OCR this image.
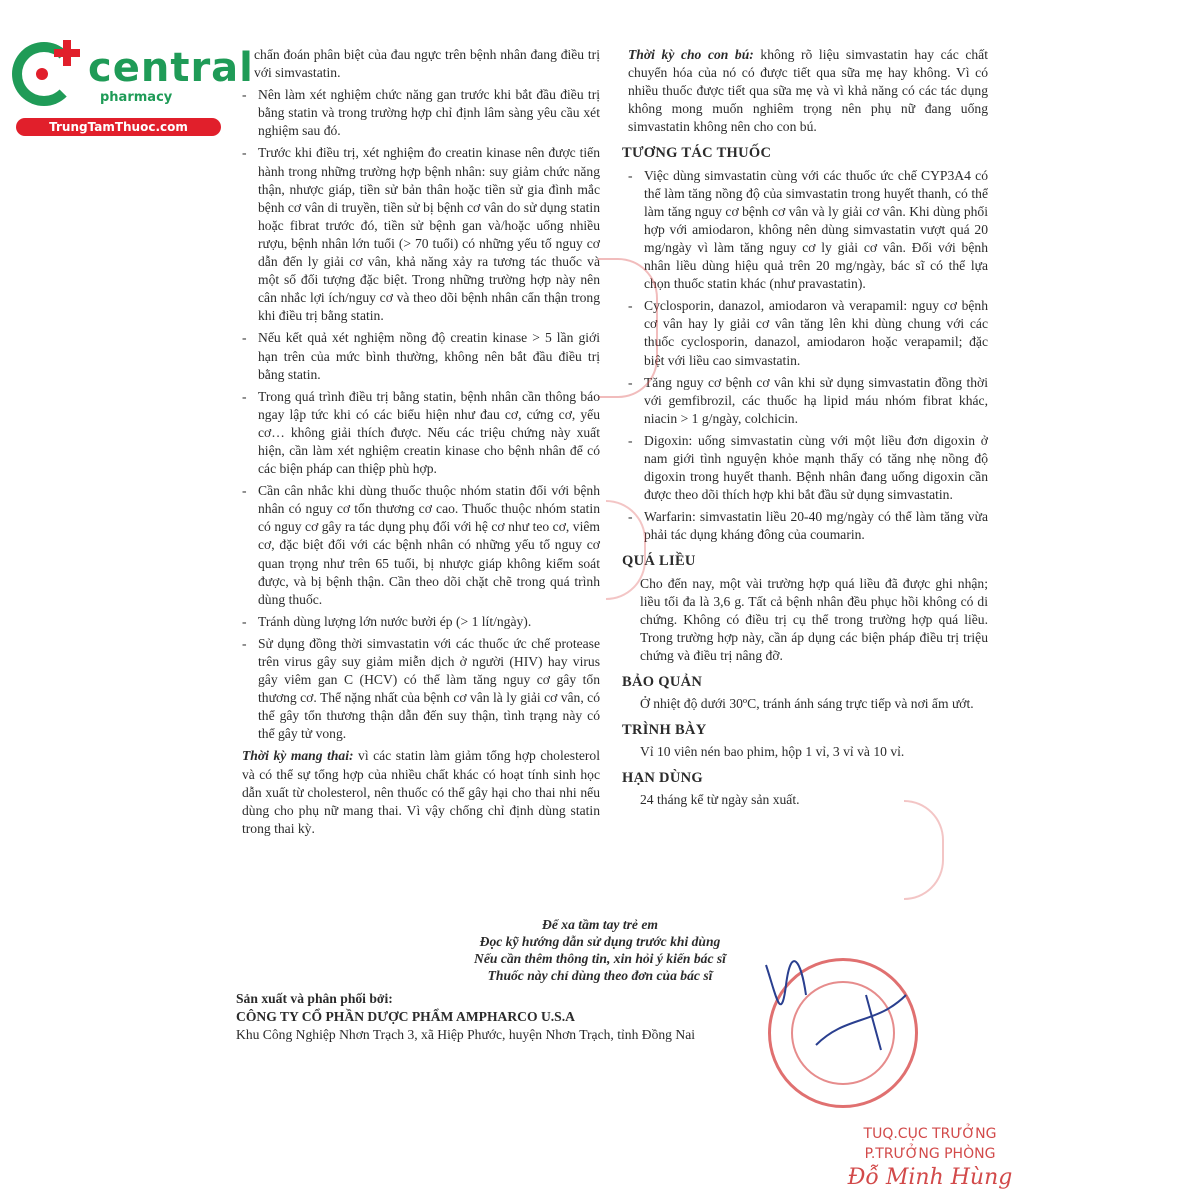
central
pharmacy
TrungTamThuoc.com
chẩn đoán phân biệt của đau ngực trên bệnh nhân đang điều trị với simvastatin.
- Nên làm xét nghiệm chức năng gan trước khi bắt đầu điều trị bằng statin và trong trường hợp chỉ định lâm sàng yêu cầu xét nghiệm sau đó.
- Trước khi điều trị, xét nghiệm đo creatin kinase nên được tiến hành trong những trường hợp bệnh nhân: suy giảm chức năng thận, nhược giáp, tiền sử bản thân hoặc tiền sử gia đình mắc bệnh cơ vân di truyền, tiền sử bị bệnh cơ vân do sử dụng statin hoặc fibrat trước đó, tiền sử bệnh gan và/hoặc uống nhiều rượu, bệnh nhân lớn tuổi (> 70 tuổi) có những yếu tố nguy cơ dẫn đến ly giải cơ vân, khả năng xảy ra tương tác thuốc và một số đối tượng đặc biệt. Trong những trường hợp này nên cân nhắc lợi ích/nguy cơ và theo dõi bệnh nhân cẩn thận trong khi điều trị bằng statin.
- Nếu kết quả xét nghiệm nồng độ creatin kinase > 5 lần giới hạn trên của mức bình thường, không nên bắt đầu điều trị bằng statin.
- Trong quá trình điều trị bằng statin, bệnh nhân cần thông báo ngay lập tức khi có các biểu hiện như đau cơ, cứng cơ, yếu cơ… không giải thích được. Nếu các triệu chứng này xuất hiện, cần làm xét nghiệm creatin kinase cho bệnh nhân để có các biện pháp can thiệp phù hợp.
- Cần cân nhắc khi dùng thuốc thuộc nhóm statin đối với bệnh nhân có nguy cơ tổn thương cơ cao. Thuốc thuộc nhóm statin có nguy cơ gây ra tác dụng phụ đối với hệ cơ như teo cơ, viêm cơ, đặc biệt đối với các bệnh nhân có những yếu tố nguy cơ quan trọng như trên 65 tuổi, bị nhược giáp không kiểm soát được, và bị bệnh thận. Cần theo dõi chặt chẽ trong quá trình dùng thuốc.
- Tránh dùng lượng lớn nước bưởi ép (> 1 lít/ngày).
- Sử dụng đồng thời simvastatin với các thuốc ức chế protease trên virus gây suy giảm miễn dịch ở người (HIV) hay virus gây viêm gan C (HCV) có thể làm tăng nguy cơ gây tổn thương cơ. Thể nặng nhất của bệnh cơ vân là ly giải cơ vân, có thể gây tổn thương thận dẫn đến suy thận, tình trạng này có thể gây tử vong.
Thời kỳ mang thai: vì các statin làm giảm tổng hợp cholesterol và có thể sự tổng hợp của nhiều chất khác có hoạt tính sinh học dẫn xuất từ cholesterol, nên thuốc có thể gây hại cho thai nhi nếu dùng cho phụ nữ mang thai. Vì vậy chống chỉ định dùng statin trong thai kỳ.
Thời kỳ cho con bú: không rõ liệu simvastatin hay các chất chuyển hóa của nó có được tiết qua sữa mẹ hay không. Vì có nhiều thuốc được tiết qua sữa mẹ và vì khả năng có các tác dụng không mong muốn nghiêm trọng nên phụ nữ đang uống simvastatin không nên cho con bú.
TƯƠNG TÁC THUỐC
- Việc dùng simvastatin cùng với các thuốc ức chế CYP3A4 có thể làm tăng nồng độ của simvastatin trong huyết thanh, có thể làm tăng nguy cơ bệnh cơ vân và ly giải cơ vân. Khi dùng phối hợp với amiodaron, không nên dùng simvastatin vượt quá 20 mg/ngày vì làm tăng nguy cơ ly giải cơ vân. Đối với bệnh nhân liều dùng hiệu quả trên 20 mg/ngày, bác sĩ có thể lựa chọn thuốc statin khác (như pravastatin).
- Cyclosporin, danazol, amiodaron và verapamil: nguy cơ bệnh cơ vân hay ly giải cơ vân tăng lên khi dùng chung với các thuốc cyclosporin, danazol, amiodaron hoặc verapamil; đặc biệt với liều cao simvastatin.
- Tăng nguy cơ bệnh cơ vân khi sử dụng simvastatin đồng thời với gemfibrozil, các thuốc hạ lipid máu nhóm fibrat khác, niacin > 1 g/ngày, colchicin.
- Digoxin: uống simvastatin cùng với một liều đơn digoxin ở nam giới tình nguyện khỏe mạnh thấy có tăng nhẹ nồng độ digoxin trong huyết thanh. Bệnh nhân đang uống digoxin cần được theo dõi thích hợp khi bắt đầu sử dụng simvastatin.
- Warfarin: simvastatin liều 20-40 mg/ngày có thể làm tăng vừa phải tác dụng kháng đông của coumarin.
QUÁ LIỀU
Cho đến nay, một vài trường hợp quá liều đã được ghi nhận; liều tối đa là 3,6 g. Tất cả bệnh nhân đều phục hồi không có di chứng. Không có điều trị cụ thể trong trường hợp quá liều. Trong trường hợp này, cần áp dụng các biện pháp điều trị triệu chứng và điều trị nâng đỡ.
BẢO QUẢN
Ở nhiệt độ dưới 30ºC, tránh ánh sáng trực tiếp và nơi ẩm ướt.
TRÌNH BÀY
Vỉ 10 viên nén bao phim, hộp 1 vỉ, 3 vỉ và 10 vỉ.
HẠN DÙNG
24 tháng kể từ ngày sản xuất.
Để xa tầm tay trẻ em
Đọc kỹ hướng dẫn sử dụng trước khi dùng
Nếu cần thêm thông tin, xin hỏi ý kiến bác sĩ
Thuốc này chỉ dùng theo đơn của bác sĩ
Sản xuất và phân phối bởi:
CÔNG TY CỔ PHẦN DƯỢC PHẨM AMPHARCO U.S.A
Khu Công Nghiệp Nhơn Trạch 3, xã Hiệp Phước, huyện Nhơn Trạch, tỉnh Đồng Nai
TUQ.CỤC TRƯỞNG
P.TRƯỞNG PHÒNG
Đỗ Minh Hùng
